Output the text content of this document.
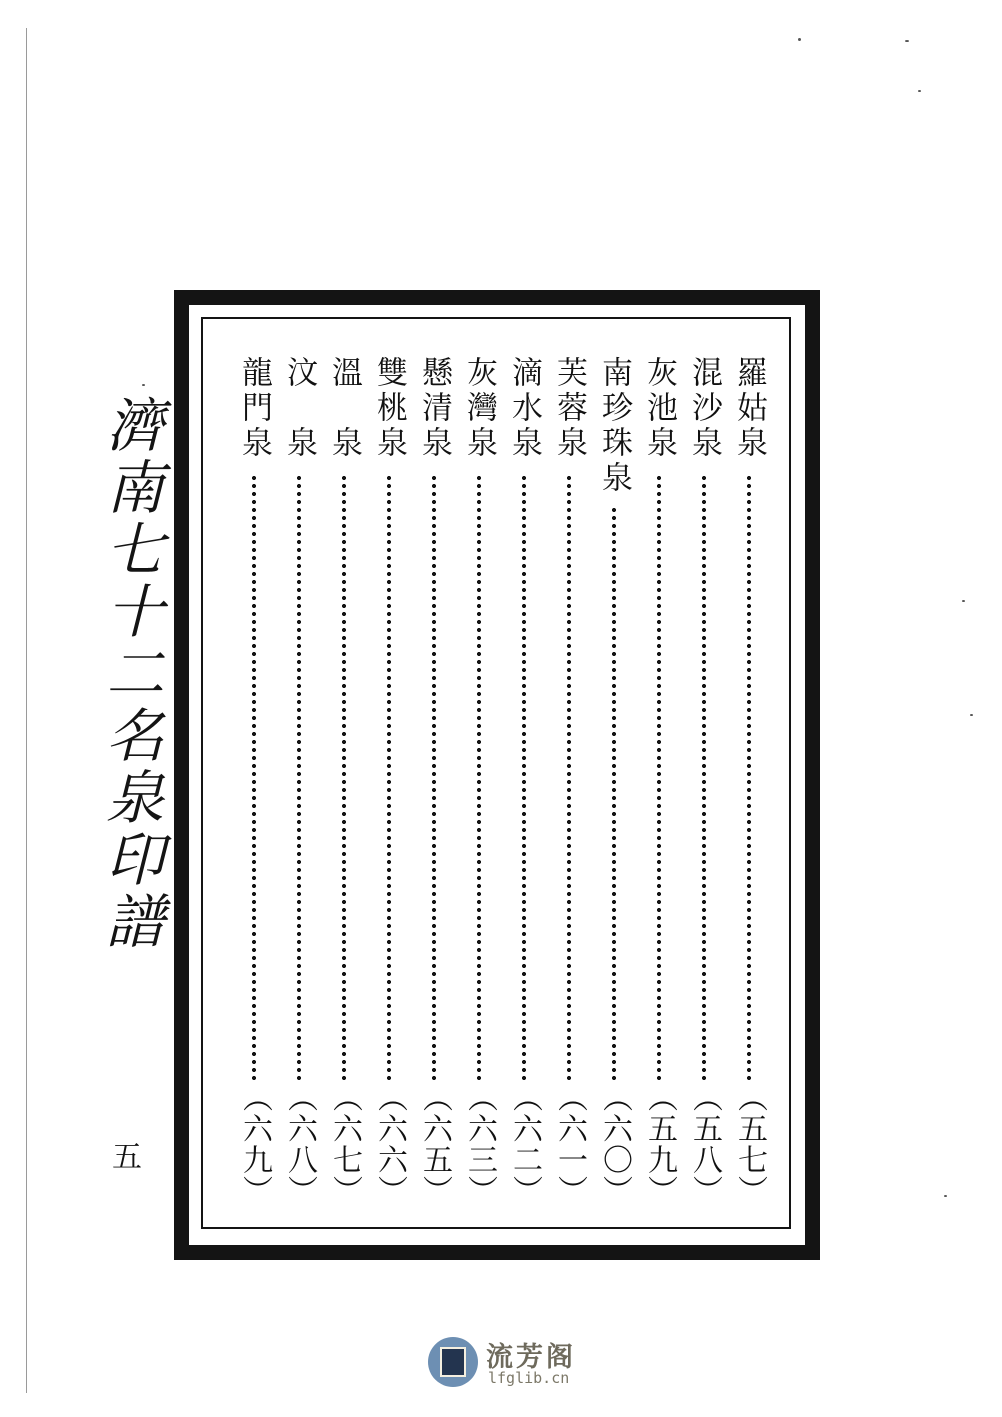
濟南七十二名泉印譜
五
羅姑泉
（五七）
混沙泉
（五八）
灰池泉
（五九）
南珍珠泉
（六〇）
芙蓉泉
（六一）
滴水泉
（六二）
灰灣泉
（六三）
懸清泉
（六五）
雙桃泉
（六六）
溫　泉
（六七）
汶　泉
（六八）
龍門泉
（六九）
流芳阁
lfglib.cn
